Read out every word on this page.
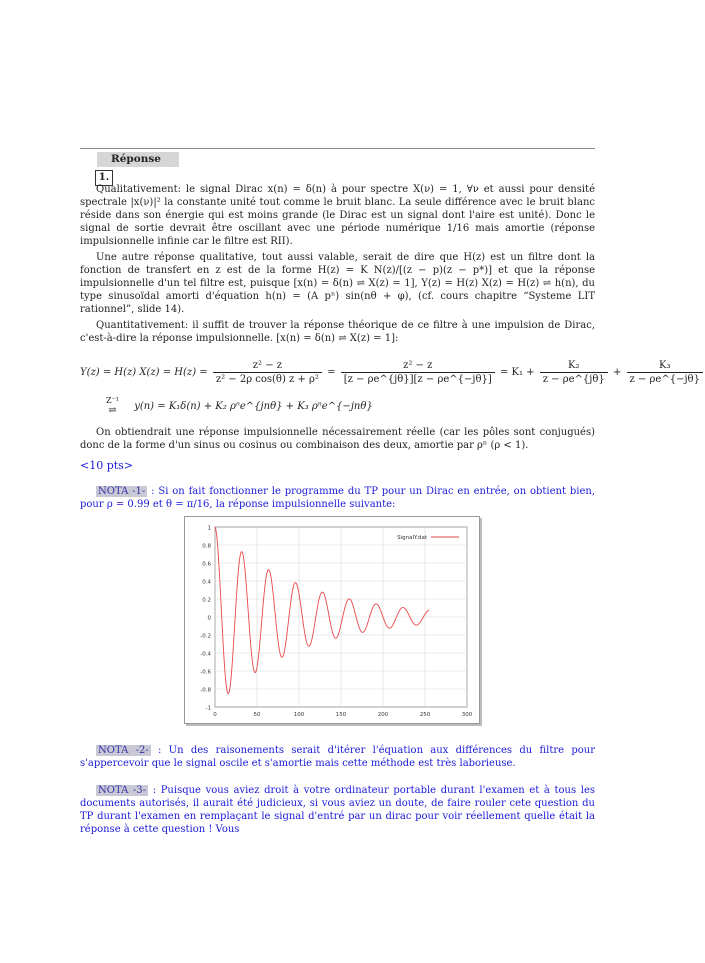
Réponse
1.

Qualitativement: le signal Dirac x(n) = δ(n) à pour spectre X(ν) = 1, ∀ν et aussi pour densité spectrale |x(ν)|² la constante unité tout comme le bruit blanc. La seule différence avec le bruit blanc réside dans son énergie qui est moins grande (le Dirac est un signal dont l'aire est unité). Donc le signal de sortie devrait être oscillant avec une période numérique 1/16 mais amortie (réponse impulsionnelle infinie car le filtre est RII).

Une autre réponse qualitative, tout aussi valable, serait de dire que H(z) est un filtre dont la fonction de transfert en z est de la forme H(z) = K N(z)/[(z − p)(z − p*)] et que la réponse impulsionnelle d'un tel filtre est, puisque [x(n) = δ(n) ⇌ X(z) = 1], Y(z) = H(z) X(z) = H(z) ⇌ h(n), du type sinusoïdal amorti d'équation h(n) = (A pⁿ) sin(nθ + φ), (cf. cours chapitre “Systeme LIT rationnel”, slide 14).

Quantitativement: il suffit de trouver la réponse théorique de ce filtre à une impulsion de Dirac, c'est-à-dire la réponse impulsionnelle. [x(n) = δ(n) ⇌ X(z) = 1]:

Y(z) = H(z) $X(z) = H(z) = \frac{\text{z² − z}}{\text{z² − 2ρ cos(θ) z + ρ²}} = \frac{\text{z² − z}}{[z - \rho e\^{}\{j\theta\}][z - \rho e\^{}\{-j\theta\}]} = K_1 + \frac{\text{K₂}}{z - \rho e\^{}\{j\theta\}} + \frac{\text{K₃}}{z - \rho e\^{}\{-j\theta\}}$
Z⁻¹
⇌ y(n) = K₁δ(n) + K₂ ρⁿe^{jnθ} + K₃ ρⁿe^{−jnθ}

On obtiendrait une réponse impulsionnelle nécessairement réelle (car les pôles sont conjugués) donc de la forme d'un sinus ou cosinus ou combinaison des deux, amortie par ρⁿ (ρ < 1).

<10 pts>

NOTA -1- : Si on fait fonctionner le programme du TP pour un Dirac en entrée, on obtient bien, pour ρ = 0.99 et θ = π/16, la réponse impulsionnelle suivante:

1
0.8
0.6
0.4
0.2
0
-0.2
-0.4
-0.6
-0.8
-1
0	50	100	150	200	250	300
SignalY.dat

NOTA -2- : Un des raisonements serait d'itérer l'équation aux différences du filtre pour s'appercevoir que le signal oscile et s'amortie mais cette méthode est très laborieuse.

NOTA -3- : Puisque vous aviez droit à votre ordinateur portable durant l'examen et à tous les documents autorisés, il aurait été judicieux, si vous aviez un doute, de faire rouler cete question du TP durant l'examen en remplaçant le signal d'entré par un dirac pour voir réellement quelle était la réponse à cette question ! Vous
